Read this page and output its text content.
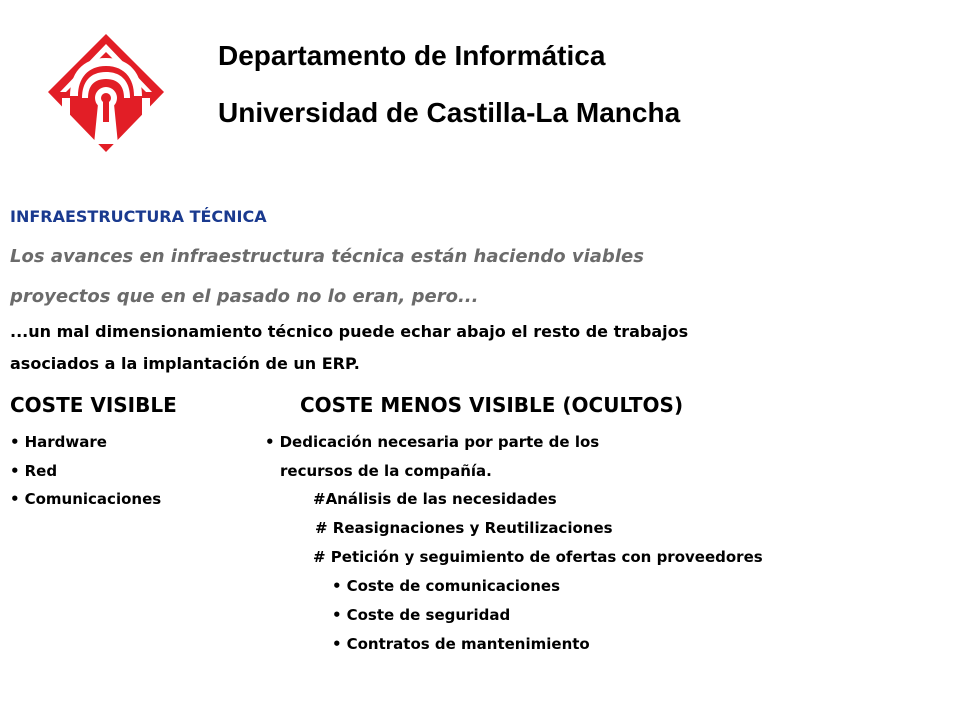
Departamento de Informática
Universidad de Castilla-La Mancha
INFRAESTRUCTURA TÉCNICA
Los avances en infraestructura técnica están haciendo viables
proyectos que en el pasado no lo eran, pero...
...un mal dimensionamiento técnico puede echar abajo el resto de trabajos
asociados a la implantación de un ERP.
COSTE VISIBLE	COSTE MENOS VISIBLE (OCULTOS)
• Hardware
• Red
• Comunicaciones
• Dedicación necesaria por parte de los
recursos de la compañía.
#Análisis de las necesidades
# Reasignaciones y Reutilizaciones
# Petición y seguimiento de ofertas con proveedores
• Coste de comunicaciones
• Coste de seguridad
• Contratos de mantenimiento
